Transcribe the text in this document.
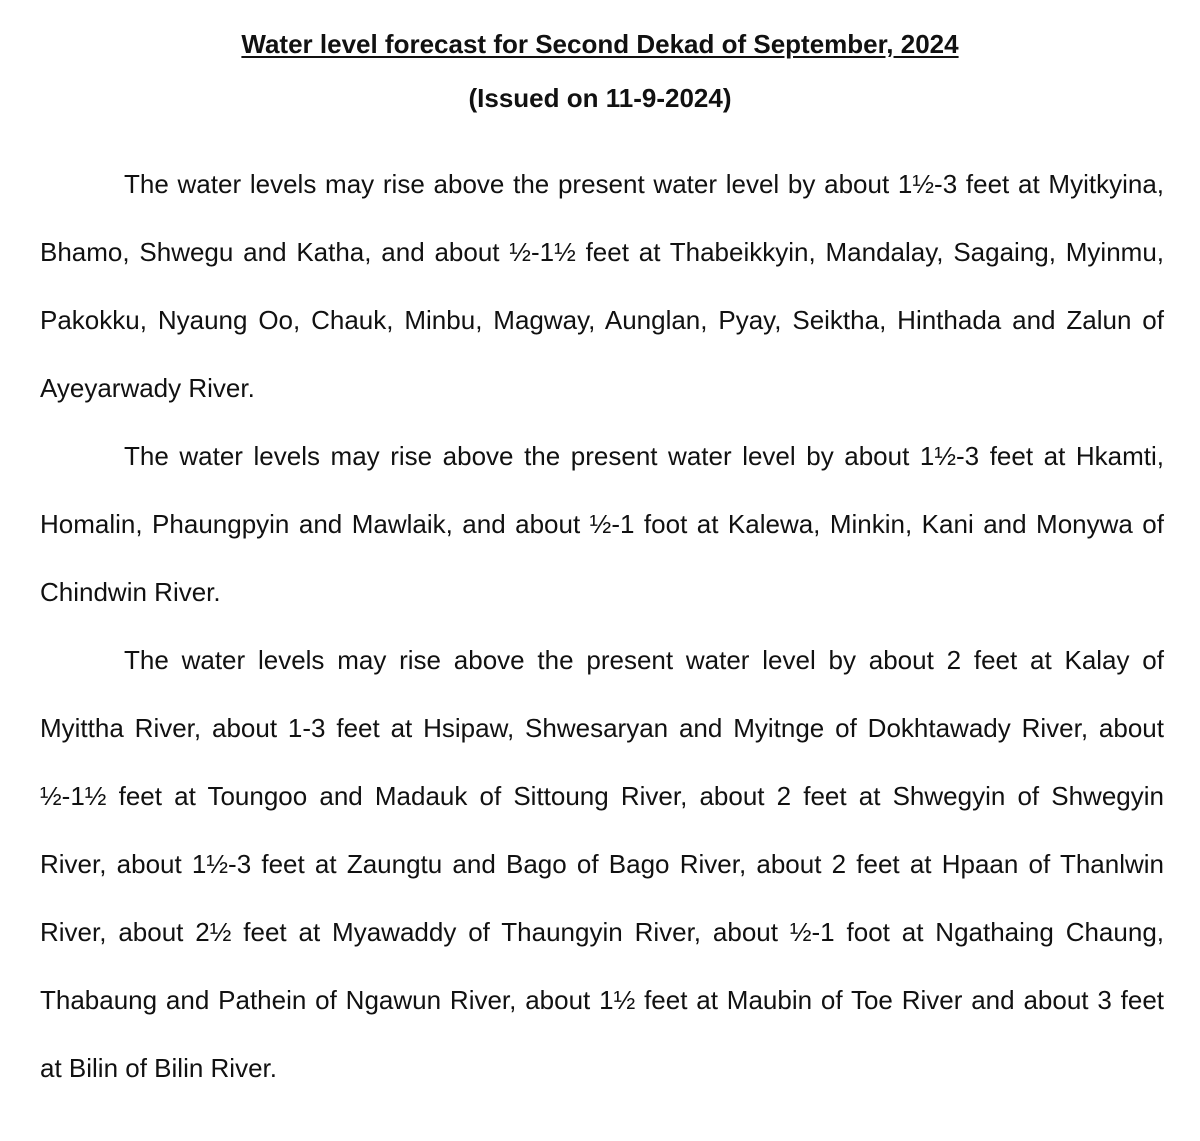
Water level forecast for Second Dekad of September, 2024
(Issued on 11-9-2024)

The water levels may rise above the present water level by about 1½-3 feet at Myitkyina, Bhamo, Shwegu and Katha, and about ½-1½ feet at Thabeikkyin, Mandalay, Sagaing, Myinmu, Pakokku, Nyaung Oo, Chauk, Minbu, Magway, Aunglan, Pyay, Seiktha, Hinthada and Zalun of Ayeyarwady River.

The water levels may rise above the present water level by about 1½-3 feet at Hkamti, Homalin, Phaungpyin and Mawlaik, and about ½-1 foot at Kalewa, Minkin, Kani and Monywa of Chindwin River.

The water levels may rise above the present water level by about 2 feet at Kalay of Myittha River, about 1-3 feet at Hsipaw, Shwesaryan and Myitnge of Dokhtawady River, about ½-1½ feet at Toungoo and Madauk of Sittoung River, about 2 feet at Shwegyin of Shwegyin River, about 1½-3 feet at Zaungtu and Bago of Bago River, about 2 feet at Hpaan of Thanlwin River, about 2½ feet at Myawaddy of Thaungyin River, about ½-1 foot at Ngathaing Chaung, Thabaung and Pathein of Ngawun River, about 1½ feet at Maubin of Toe River and about 3 feet at Bilin of Bilin River.
